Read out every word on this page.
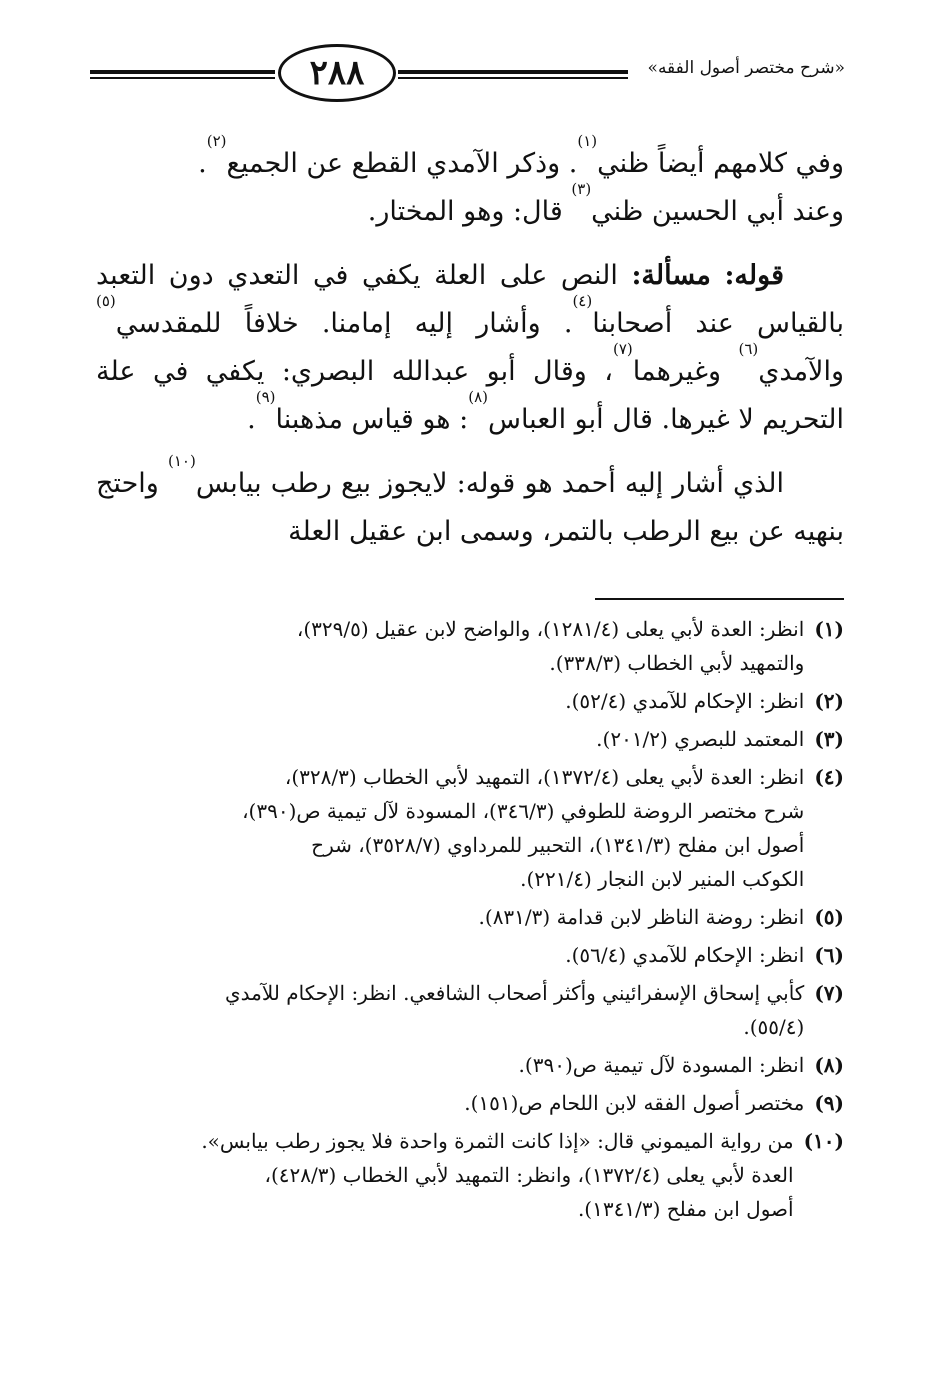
٢٨٨	«شرح مختصر أصول الفقه»

وفي كلامهم أيضاً ظني$^{(١)}$. وذكر الآمدي القطع عن الجميع$^{(٢)}$.
وعند أبي الحسين ظني$^{(٣)}$ قال: وهو المختار.

قوله: مسألة: النص على العلة يكفي في التعدي دون التعبد بالقياس عند أصحابنا$^{(٤)}$. وأشار إليه إمامنا. خلافاً للمقدسي$^{(٥)}$ والآمدي$^{(٦)}$ وغيرهما$^{(٧)}$، وقال أبو عبدالله البصري: يكفي في علة التحريم لا غيرها. قال أبو العباس$^{(٨)}$: هو قياس مذهبنا$^{(٩)}$.

الذي أشار إليه أحمد هو قوله: لايجوز بيع رطب بيابس$^{(١٠)}$ واحتج بنهيه عن بيع الرطب بالتمر، وسمى ابن عقيل العلة

(١)
انظر: العدة لأبي يعلى (١٢٨١/٤)، والواضح لابن عقيل (٣٢٩/٥)،
والتمهيد لأبي الخطاب (٣٣٨/٣).
(٢)
انظر: الإحكام للآمدي (٥٢/٤).
(٣)
المعتمد للبصري (٢٠١/٢).
(٤)
انظر: العدة لأبي يعلى (١٣٧٢/٤)، التمهيد لأبي الخطاب (٣٢٨/٣)،
شرح مختصر الروضة للطوفي (٣٤٦/٣)، المسودة لآل تيمية ص(٣٩٠)،
أصول ابن مفلح (١٣٤١/٣)، التحبير للمرداوي (٣٥٢٨/٧)، شرح
الكوكب المنير لابن النجار (٢٢١/٤).
(٥)
انظر: روضة الناظر لابن قدامة (٨٣١/٣).
(٦)
انظر: الإحكام للآمدي (٥٦/٤).
(٧)
كأبي إسحاق الإسفرائيني وأكثر أصحاب الشافعي. انظر: الإحكام للآمدي
(٥٥/٤).
(٨)
انظر: المسودة لآل تيمية ص(٣٩٠).
(٩)
مختصر أصول الفقه لابن اللحام ص(١٥١).
(١٠)
من رواية الميموني قال: «إذا كانت الثمرة واحدة فلا يجوز رطب بيابس».
العدة لأبي يعلى (١٣٧٢/٤)، وانظر: التمهيد لأبي الخطاب (٤٢٨/٣)،
أصول ابن مفلح (١٣٤١/٣).
